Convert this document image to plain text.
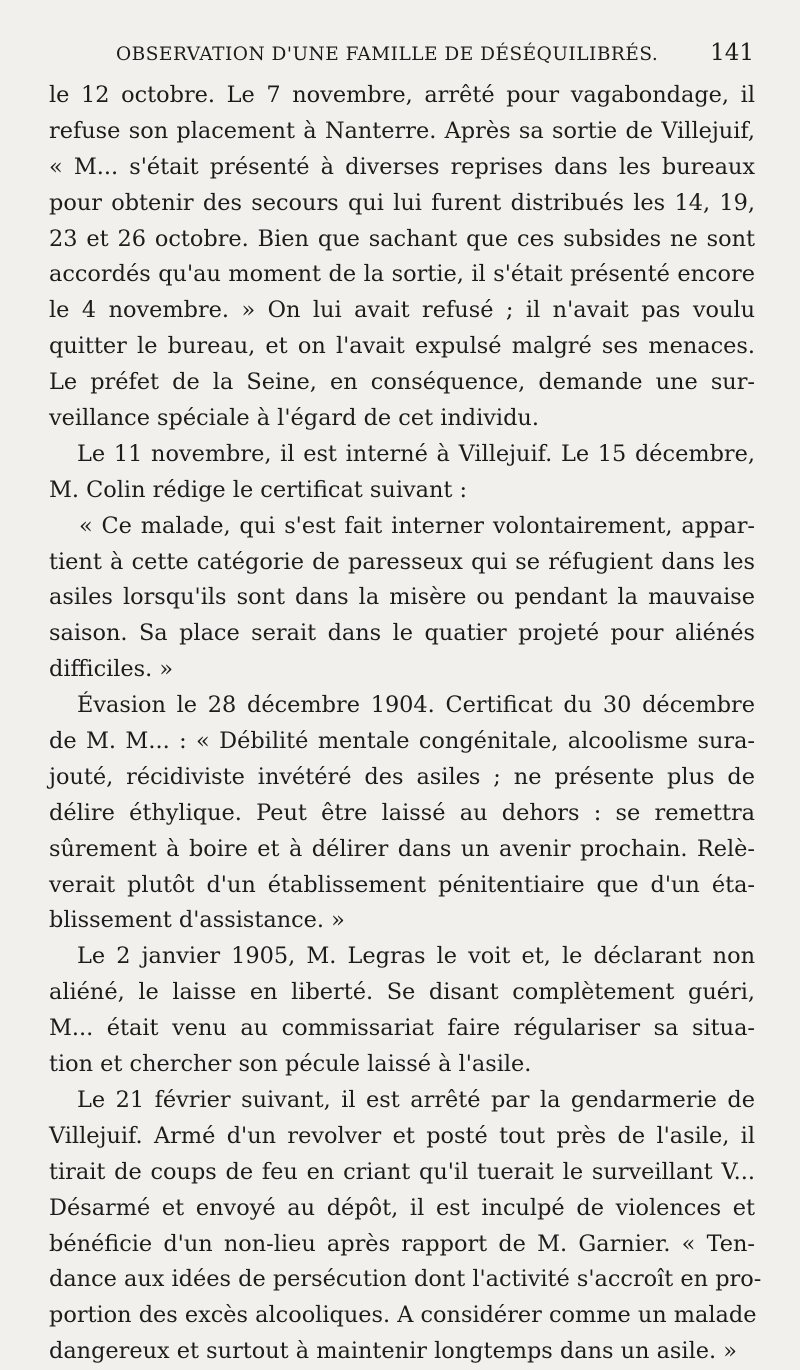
OBSERVATION D'UNE FAMILLE DE DÉSÉQUILIBRÉS. 141
le 12 octobre. Le 7 novembre, arrêté pour vagabondage, il
refuse son placement à Nanterre. Après sa sortie de Villejuif,
« M... s'était présenté à diverses reprises dans les bureaux
pour obtenir des secours qui lui furent distribués les 14, 19,
23 et 26 octobre. Bien que sachant que ces subsides ne sont
accordés qu'au moment de la sortie, il s'était présenté encore
le 4 novembre. » On lui avait refusé ; il n'avait pas voulu
quitter le bureau, et on l'avait expulsé malgré ses menaces.
Le préfet de la Seine, en conséquence, demande une sur-
veillance spéciale à l'égard de cet individu.
Le 11 novembre, il est interné à Villejuif. Le 15 décembre,
M. Colin rédige le certificat suivant :
« Ce malade, qui s'est fait interner volontairement, appar-
tient à cette catégorie de paresseux qui se réfugient dans les
asiles lorsqu'ils sont dans la misère ou pendant la mauvaise
saison. Sa place serait dans le quatier projeté pour aliénés
difficiles. »
Évasion le 28 décembre 1904. Certificat du 30 décembre
de M. M... : « Débilité mentale congénitale, alcoolisme sura-
jouté, récidiviste invétéré des asiles ; ne présente plus de
délire éthylique. Peut être laissé au dehors : se remettra
sûrement à boire et à délirer dans un avenir prochain. Relè-
verait plutôt d'un établissement pénitentiaire que d'un éta-
blissement d'assistance. »
Le 2 janvier 1905, M. Legras le voit et, le déclarant non
aliéné, le laisse en liberté. Se disant complètement guéri,
M... était venu au commissariat faire régulariser sa situa-
tion et chercher son pécule laissé à l'asile.
Le 21 février suivant, il est arrêté par la gendarmerie de
Villejuif. Armé d'un revolver et posté tout près de l'asile, il
tirait de coups de feu en criant qu'il tuerait le surveillant V...
Désarmé et envoyé au dépôt, il est inculpé de violences et
bénéficie d'un non-lieu après rapport de M. Garnier. « Ten-
dance aux idées de persécution dont l'activité s'accroît en pro-
portion des excès alcooliques. A considérer comme un malade
dangereux et surtout à maintenir longtemps dans un asile. »
